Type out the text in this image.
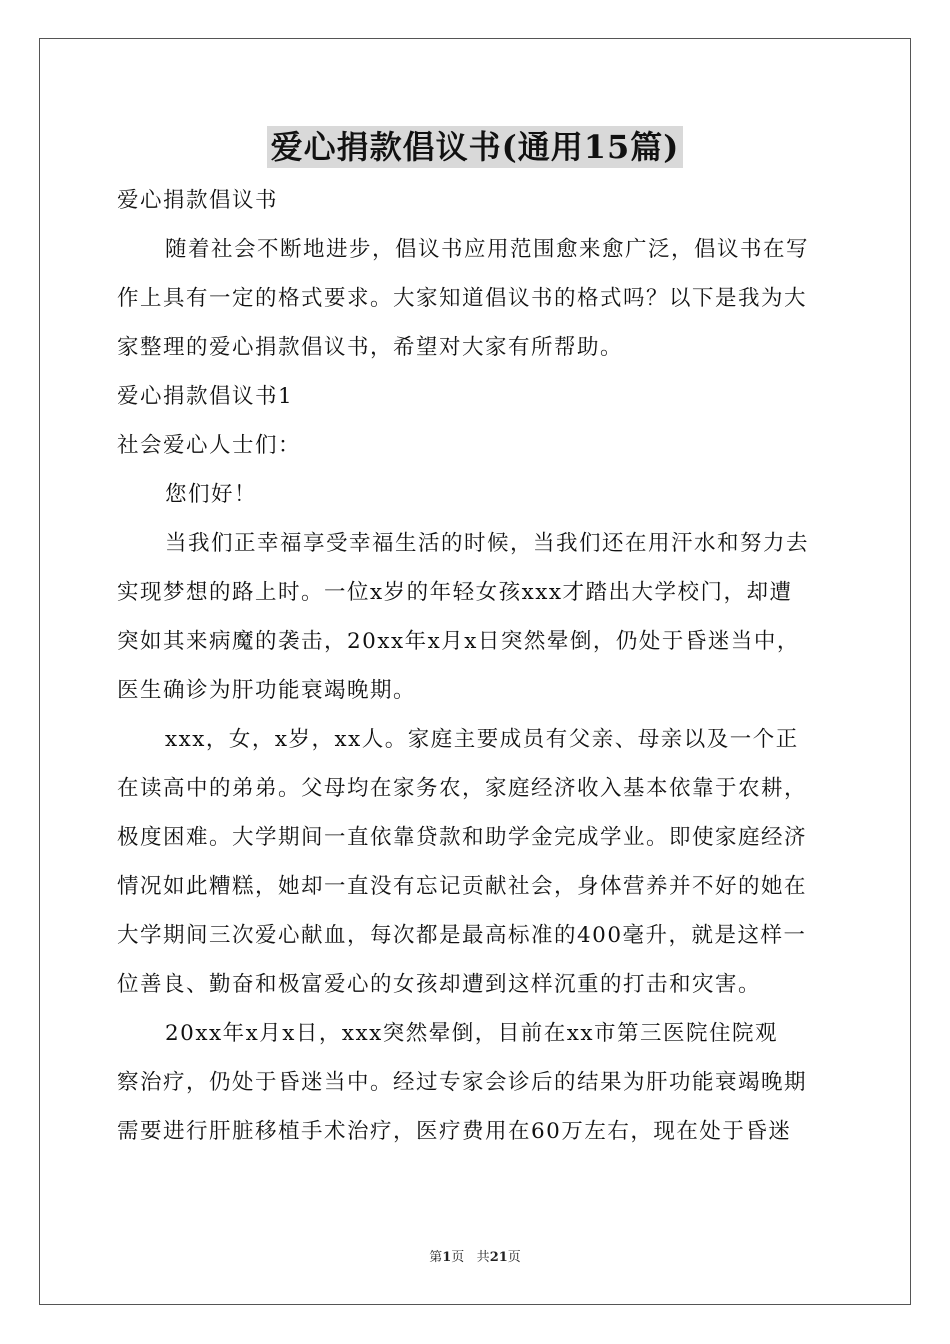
爱心捐款倡议书(通用15篇)
爱心捐款倡议书
随着社会不断地进步，倡议书应用范围愈来愈广泛，倡议书在写
作上具有一定的格式要求。大家知道倡议书的格式吗？以下是我为大
家整理的爱心捐款倡议书，希望对大家有所帮助。
爱心捐款倡议书1
社会爱心人士们：
您们好！
当我们正幸福享受幸福生活的时候，当我们还在用汗水和努力去
实现梦想的路上时。一位x岁的年轻女孩xxx才踏出大学校门，却遭
突如其来病魔的袭击，20xx年x月x日突然晕倒，仍处于昏迷当中，
医生确诊为肝功能衰竭晚期。
xxx，女，x岁，xx人。家庭主要成员有父亲、母亲以及一个正
在读高中的弟弟。父母均在家务农，家庭经济收入基本依靠于农耕，
极度困难。大学期间一直依靠贷款和助学金完成学业。即使家庭经济
情况如此糟糕，她却一直没有忘记贡献社会，身体营养并不好的她在
大学期间三次爱心献血，每次都是最高标准的400毫升，就是这样一
位善良、勤奋和极富爱心的女孩却遭到这样沉重的打击和灾害。
20xx年x月x日，xxx突然晕倒，目前在xx市第三医院住院观
察治疗，仍处于昏迷当中。经过专家会诊后的结果为肝功能衰竭晚期
需要进行肝脏移植手术治疗，医疗费用在60万左右，现在处于昏迷
第1页 共21页
